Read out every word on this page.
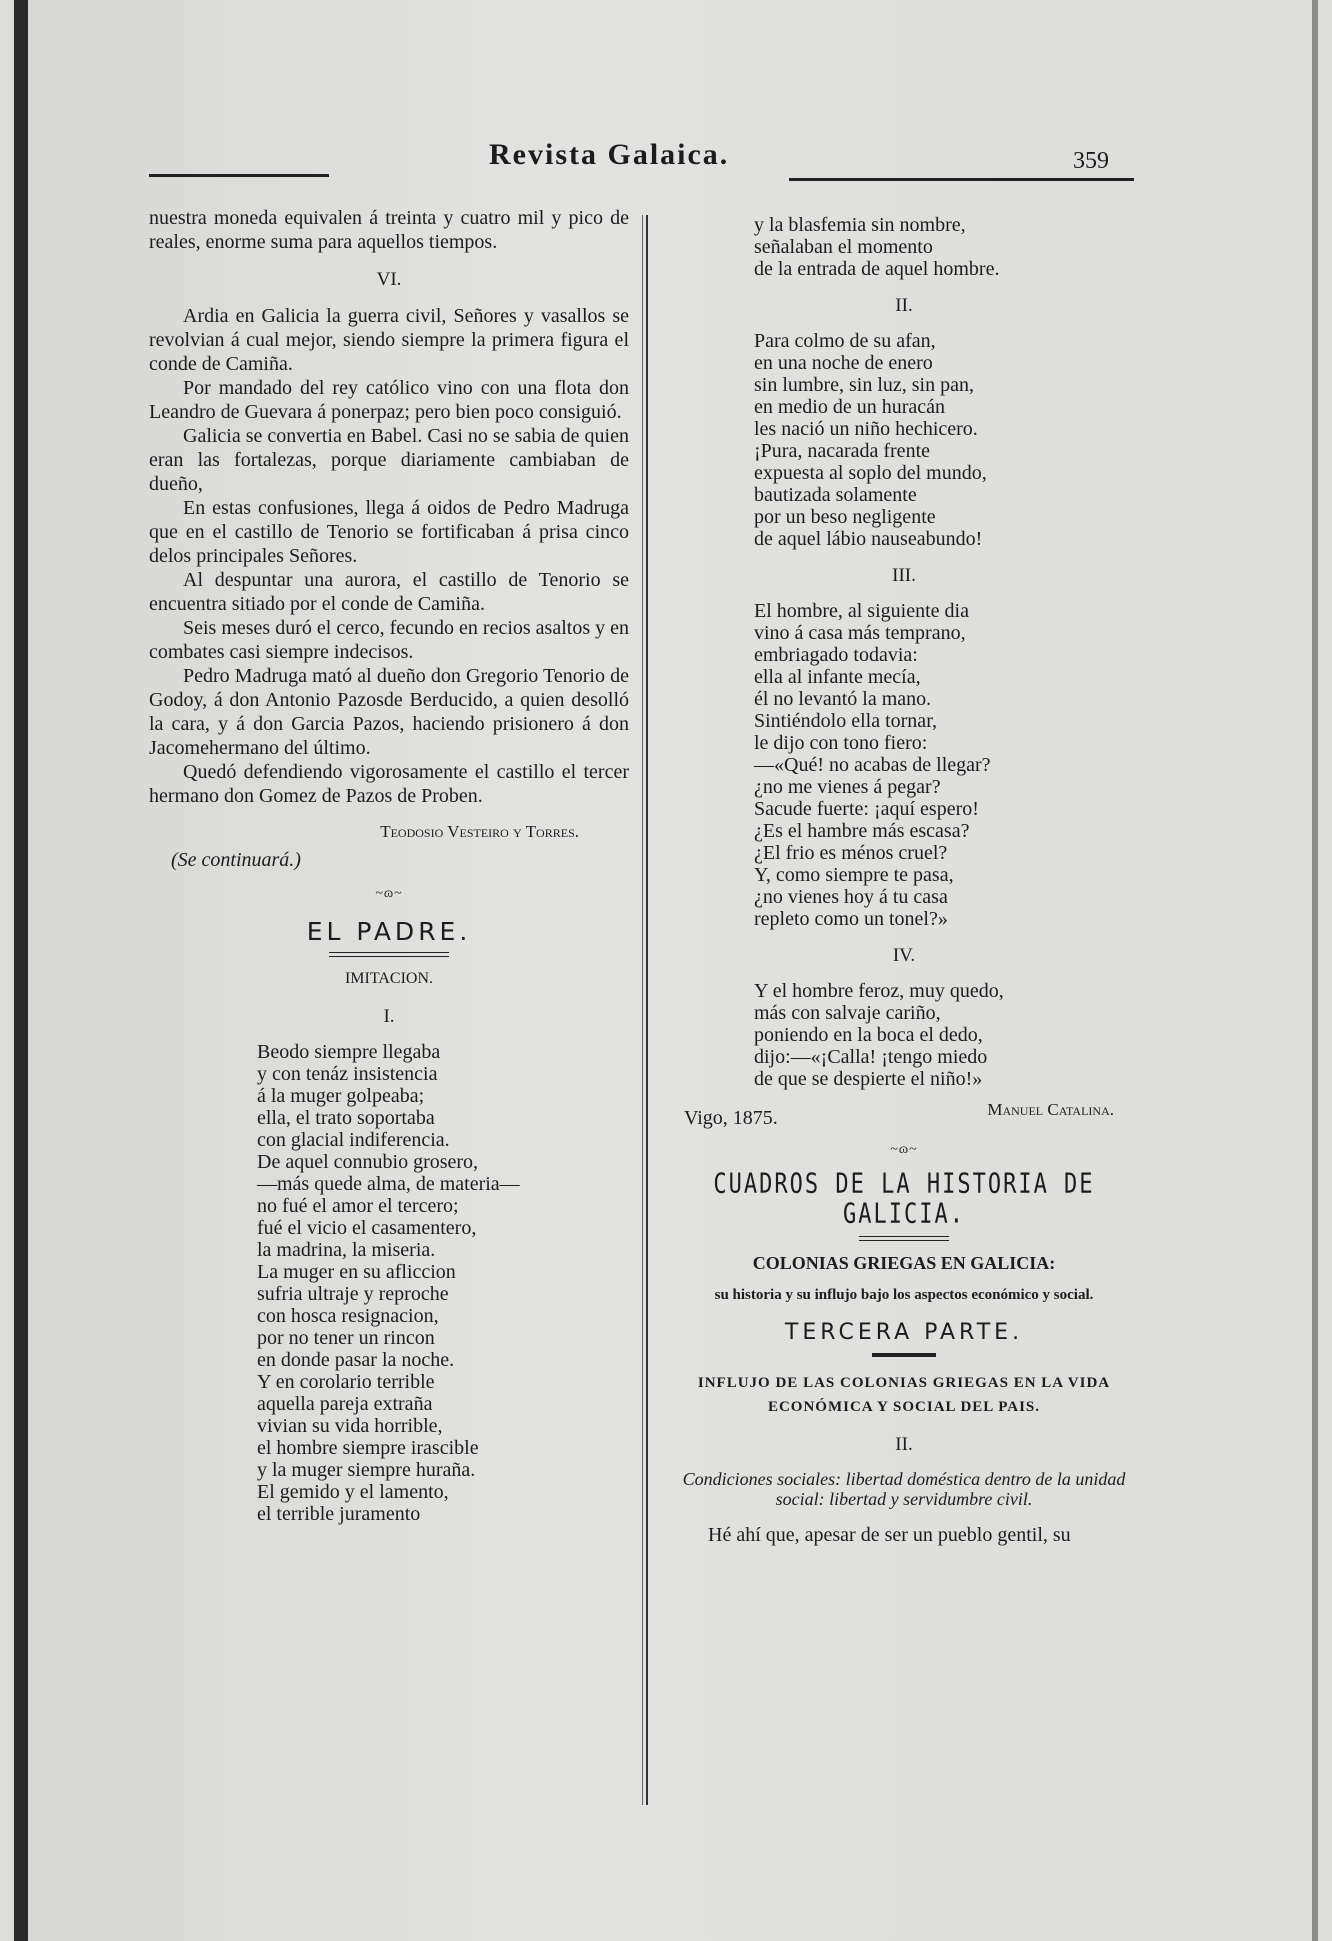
Revista Galaica.	359

nuestra moneda equivalen á treinta y cuatro mil y pico de reales, enorme suma para aquellos tiempos.

VI.

Ardia en Galicia la guerra civil, Señores y vasallos se revolvian á cual mejor, siendo siempre la primera figura el conde de Camiña.

Por mandado del rey católico vino con una flota don Leandro de Guevara á ponerpaz; pero bien poco consiguió.

Galicia se convertia en Babel. Casi no se sabia de quien eran las fortalezas, porque diariamente cambiaban de dueño,

En estas confusiones, llega á oidos de Pedro Madruga que en el castillo de Tenorio se fortificaban á prisa cinco delos principales Señores.

Al despuntar una aurora, el castillo de Tenorio se encuentra sitiado por el conde de Camiña.

Seis meses duró el cerco, fecundo en recios asaltos y en combates casi siempre indecisos.

Pedro Madruga mató al dueño don Gregorio Tenorio de Godoy, á don Antonio Pazosde Berducido, a quien desolló la cara, y á don Garcia Pazos, haciendo prisionero á don Jacomehermano del último.

Quedó defendiendo vigorosamente el castillo el tercer hermano don Gomez de Pazos de Proben.

Teodosio Vesteiro y Torres.
(Se continuará.)
~ɷ~
EL PADRE.
IMITACION.
I.
Beodo siempre llegaba
y con tenáz insistencia
á la muger golpeaba;
ella, el trato soportaba
con glacial indiferencia.
De aquel connubio grosero,
—más quede alma, de materia—
no fué el amor el tercero;
fué el vicio el casamentero,
la madrina, la miseria.
La muger en su afliccion
sufria ultraje y reproche
con hosca resignacion,
por no tener un rincon
en donde pasar la noche.
Y en corolario terrible
aquella pareja extraña
vivian su vida horrible,
el hombre siempre irascible
y la muger siempre huraña.
El gemido y el lamento,
el terrible juramento
y la blasfemia sin nombre,
señalaban el momento
de la entrada de aquel hombre.
II.
Para colmo de su afan,
en una noche de enero
sin lumbre, sin luz, sin pan,
en medio de un huracán
les nació un niño hechicero.
¡Pura, nacarada frente
expuesta al soplo del mundo,
bautizada solamente
por un beso negligente
de aquel lábio nauseabundo!
III.
El hombre, al siguiente dia
vino á casa más temprano,
embriagado todavia:
ella al infante mecía,
él no levantó la mano.
Sintiéndolo ella tornar,
le dijo con tono fiero:
—«Qué! no acabas de llegar?
¿no me vienes á pegar?
Sacude fuerte: ¡aquí espero!
¿Es el hambre más escasa?
¿El frio es ménos cruel?
Y, como siempre te pasa,
¿no vienes hoy á tu casa
repleto como un tonel?»
IV.
Y el hombre feroz, muy quedo,
más con salvaje cariño,
poniendo en la boca el dedo,
dijo:—«¡Calla! ¡tengo miedo
de que se despierte el niño!»
Vigo, 1875.	Manuel Catalina.
~ɷ~
CUADROS DE LA HISTORIA DE GALICIA.
COLONIAS GRIEGAS EN GALICIA:
su historia y su influjo bajo los aspectos económico y social.
TERCERA PARTE.
INFLUJO DE LAS COLONIAS GRIEGAS EN LA VIDA ECONÓMICA Y SOCIAL DEL PAIS.
II.

Condiciones sociales: libertad doméstica dentro de la unidad social: libertad y servidumbre civil.

Hé ahí que, apesar de ser un pueblo gentil, su
